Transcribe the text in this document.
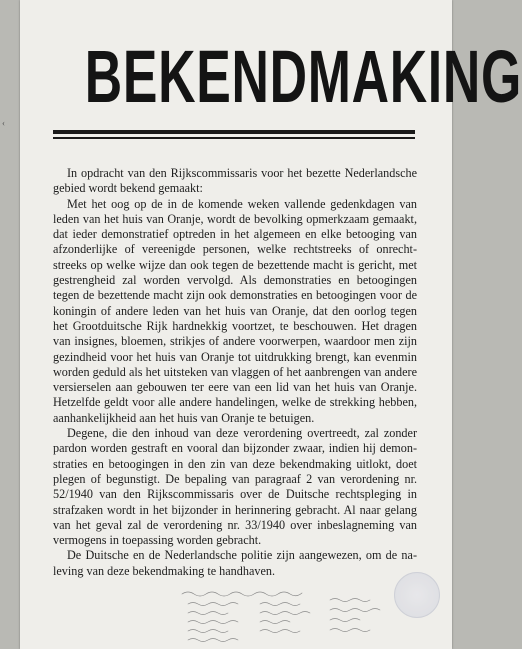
‹
BEKENDMAKING

In opdracht van den Rijkscommissaris voor het bezette Nederlandsche gebied wordt bekend gemaakt:

Met het oog op de in de komende weken vallende gedenkdagen van leden van het huis van Oranje, wordt de bevolking opmerkzaam gemaakt, dat ieder demonstratief optreden in het algemeen en elke betooging van afzonderlijke of vereenigde personen, welke rechtstreeks of onrechtstreeks op welke wijze dan ook tegen de bezettende macht is gericht, met gestrengheid zal worden vervolgd. Als demonstraties en betoogingen tegen de bezettende macht zijn ook demonstraties en betoogingen voor de koningin of andere leden van het huis van Oranje, dat den oorlog tegen het Grootduitsche Rijk hardnekkig voortzet, te beschouwen. Het dragen van insignes, bloemen, strikjes of andere voorwerpen, waardoor men zijn gezindheid voor het huis van Oranje tot uitdrukking brengt, kan evenmin worden geduld als het uitsteken van vlaggen of het aanbrengen van andere versierselen aan gebouwen ter eere van een lid van het huis van Oranje. Hetzelfde geldt voor alle andere handelingen, welke de strekking hebben, aanhankelijkheid aan het huis van Oranje te betuigen.

Degene, die den inhoud van deze verordening overtreedt, zal zonder pardon worden gestraft en vooral dan bijzonder zwaar, indien hij demonstraties en betoogingen in den zin van deze bekendmaking uitlokt, doet plegen of begunstigt. De bepaling van paragraaf 2 van verordening nr. 52/1940 van den Rijkscommissaris over de Duitsche rechtspleging in strafzaken wordt in het bijzonder in herinnering gebracht. Al naar gelang van het geval zal de verordening nr. 33/1940 over inbeslagneming van vermogens in toepassing worden gebracht.

De Duitsche en de Nederlandsche politie zijn aangewezen, om de naleving van deze bekendmaking te handhaven.
